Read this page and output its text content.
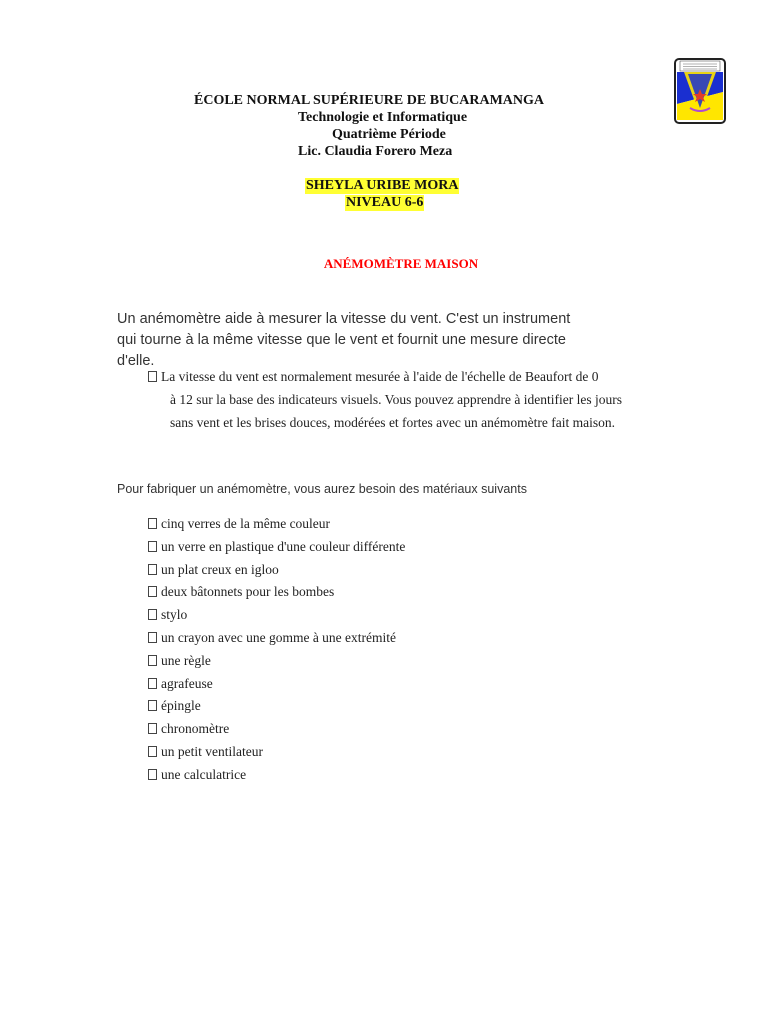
ÉCOLE NORMAL SUPÉRIEURE DE BUCARAMANGA
Technologie et Informatique
Quatrième Période
Lic. Claudia Forero Meza
SHEYLA URIBE MORA
NIVEAU 6-6
ANÉMOMÈTRE MAISON
Un anémomètre aide à mesurer la vitesse du vent. C'est un instrument
qui tourne à la même vitesse que le vent et fournit une mesure directe
d'elle.
La vitesse du vent est normalement mesurée à l'aide de l'échelle de Beaufort de 0
à 12 sur la base des indicateurs visuels. Vous pouvez apprendre à identifier les jours
sans vent et les brises douces, modérées et fortes avec un anémomètre fait maison.
Pour fabriquer un anémomètre, vous aurez besoin des matériaux suivants
cinq verres de la même couleur
un verre en plastique d'une couleur différente
un plat creux en igloo
deux bâtonnets pour les bombes
stylo
un crayon avec une gomme à une extrémité
une règle
agrafeuse
épingle
chronomètre
un petit ventilateur
une calculatrice
